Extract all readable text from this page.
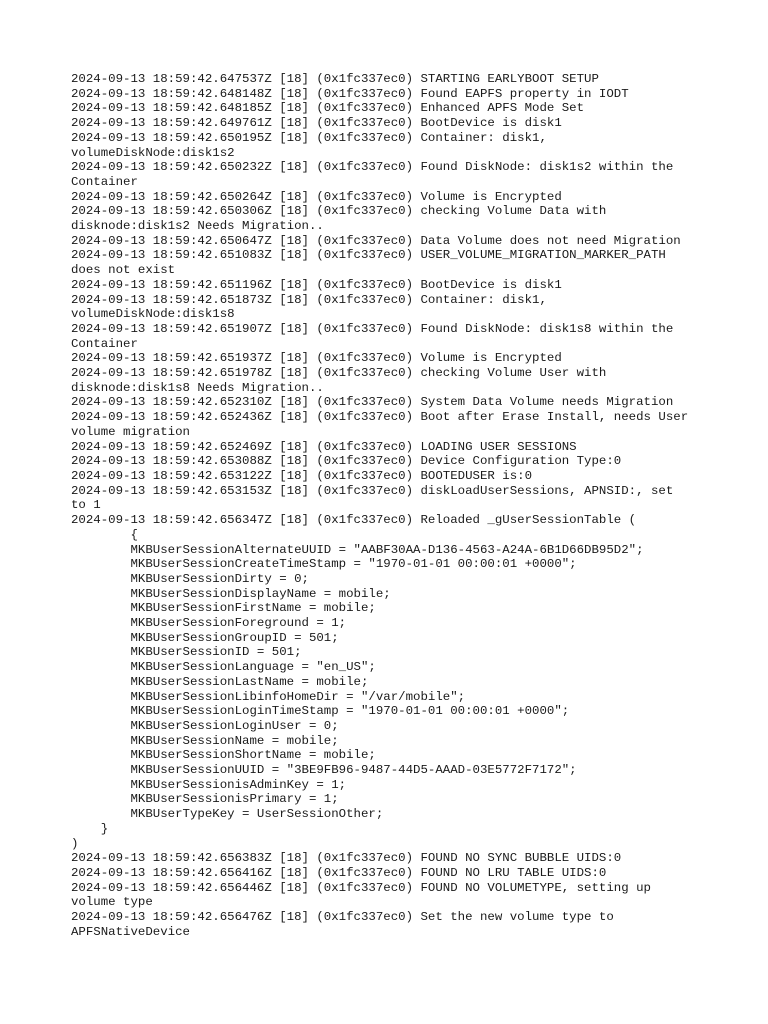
2024-09-13 18:59:42.647537Z [18] (0x1fc337ec0) STARTING EARLYBOOT SETUP
2024-09-13 18:59:42.648148Z [18] (0x1fc337ec0) Found EAPFS property in IODT
2024-09-13 18:59:42.648185Z [18] (0x1fc337ec0) Enhanced APFS Mode Set
2024-09-13 18:59:42.649761Z [18] (0x1fc337ec0) BootDevice is disk1
2024-09-13 18:59:42.650195Z [18] (0x1fc337ec0) Container: disk1,
volumeDiskNode:disk1s2
2024-09-13 18:59:42.650232Z [18] (0x1fc337ec0) Found DiskNode: disk1s2 within the
Container
2024-09-13 18:59:42.650264Z [18] (0x1fc337ec0) Volume is Encrypted
2024-09-13 18:59:42.650306Z [18] (0x1fc337ec0) checking Volume Data with
disknode:disk1s2 Needs Migration..
2024-09-13 18:59:42.650647Z [18] (0x1fc337ec0) Data Volume does not need Migration
2024-09-13 18:59:42.651083Z [18] (0x1fc337ec0) USER_VOLUME_MIGRATION_MARKER_PATH
does not exist
2024-09-13 18:59:42.651196Z [18] (0x1fc337ec0) BootDevice is disk1
2024-09-13 18:59:42.651873Z [18] (0x1fc337ec0) Container: disk1,
volumeDiskNode:disk1s8
2024-09-13 18:59:42.651907Z [18] (0x1fc337ec0) Found DiskNode: disk1s8 within the
Container
2024-09-13 18:59:42.651937Z [18] (0x1fc337ec0) Volume is Encrypted
2024-09-13 18:59:42.651978Z [18] (0x1fc337ec0) checking Volume User with
disknode:disk1s8 Needs Migration..
2024-09-13 18:59:42.652310Z [18] (0x1fc337ec0) System Data Volume needs Migration
2024-09-13 18:59:42.652436Z [18] (0x1fc337ec0) Boot after Erase Install, needs User
volume migration
2024-09-13 18:59:42.652469Z [18] (0x1fc337ec0) LOADING USER SESSIONS
2024-09-13 18:59:42.653088Z [18] (0x1fc337ec0) Device Configuration Type:0
2024-09-13 18:59:42.653122Z [18] (0x1fc337ec0) BOOTEDUSER is:0
2024-09-13 18:59:42.653153Z [18] (0x1fc337ec0) diskLoadUserSessions, APNSID:, set
to 1
2024-09-13 18:59:42.656347Z [18] (0x1fc337ec0) Reloaded _gUserSessionTable (
{
MKBUserSessionAlternateUUID = "AABF30AA-D136-4563-A24A-6B1D66DB95D2";
MKBUserSessionCreateTimeStamp = "1970-01-01 00:00:01 +0000";
MKBUserSessionDirty = 0;
MKBUserSessionDisplayName = mobile;
MKBUserSessionFirstName = mobile;
MKBUserSessionForeground = 1;
MKBUserSessionGroupID = 501;
MKBUserSessionID = 501;
MKBUserSessionLanguage = "en_US";
MKBUserSessionLastName = mobile;
MKBUserSessionLibinfoHomeDir = "/var/mobile";
MKBUserSessionLoginTimeStamp = "1970-01-01 00:00:01 +0000";
MKBUserSessionLoginUser = 0;
MKBUserSessionName = mobile;
MKBUserSessionShortName = mobile;
MKBUserSessionUUID = "3BE9FB96-9487-44D5-AAAD-03E5772F7172";
MKBUserSessionisAdminKey = 1;
MKBUserSessionisPrimary = 1;
MKBUserTypeKey = UserSessionOther;
}
)
2024-09-13 18:59:42.656383Z [18] (0x1fc337ec0) FOUND NO SYNC BUBBLE UIDS:0
2024-09-13 18:59:42.656416Z [18] (0x1fc337ec0) FOUND NO LRU TABLE UIDS:0
2024-09-13 18:59:42.656446Z [18] (0x1fc337ec0) FOUND NO VOLUMETYPE, setting up
volume type
2024-09-13 18:59:42.656476Z [18] (0x1fc337ec0) Set the new volume type to
APFSNativeDevice
